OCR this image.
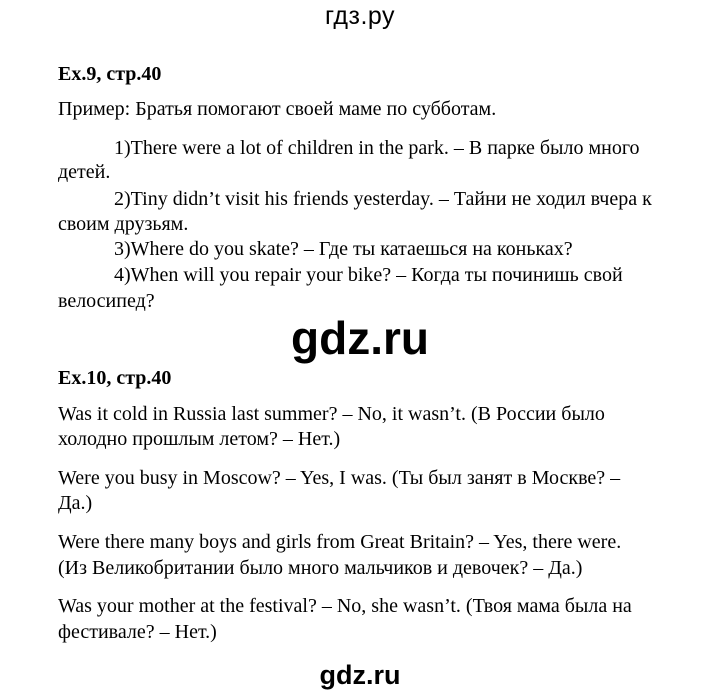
гдз.ру
Ex.9, стр.40
Пример: Братья помогают своей маме по субботам.
1)There were a lot of children in the park. – В парке было много
детей.
2)Tiny didn’t visit his friends yesterday. – Тайни не ходил вчера к
своим друзьям.
3)Where do you skate? – Где ты катаешься на коньках?
4)When will you repair your bike? – Когда ты починишь свой
велосипед?
gdz.ru
Ex.10, стр.40
Was it cold in Russia last summer? – No, it wasn’t. (В России было
холодно прошлым летом? – Нет.)
Were you busy in Moscow? – Yes, I was. (Ты был занят в Москве? –
Да.)
Were there many boys and girls from Great Britain? – Yes, there were.
(Из Великобритании было много мальчиков и девочек? – Да.)
Was your mother at the festival? – No, she wasn’t. (Твоя мама была на
фестивале? – Нет.)
gdz.ru
